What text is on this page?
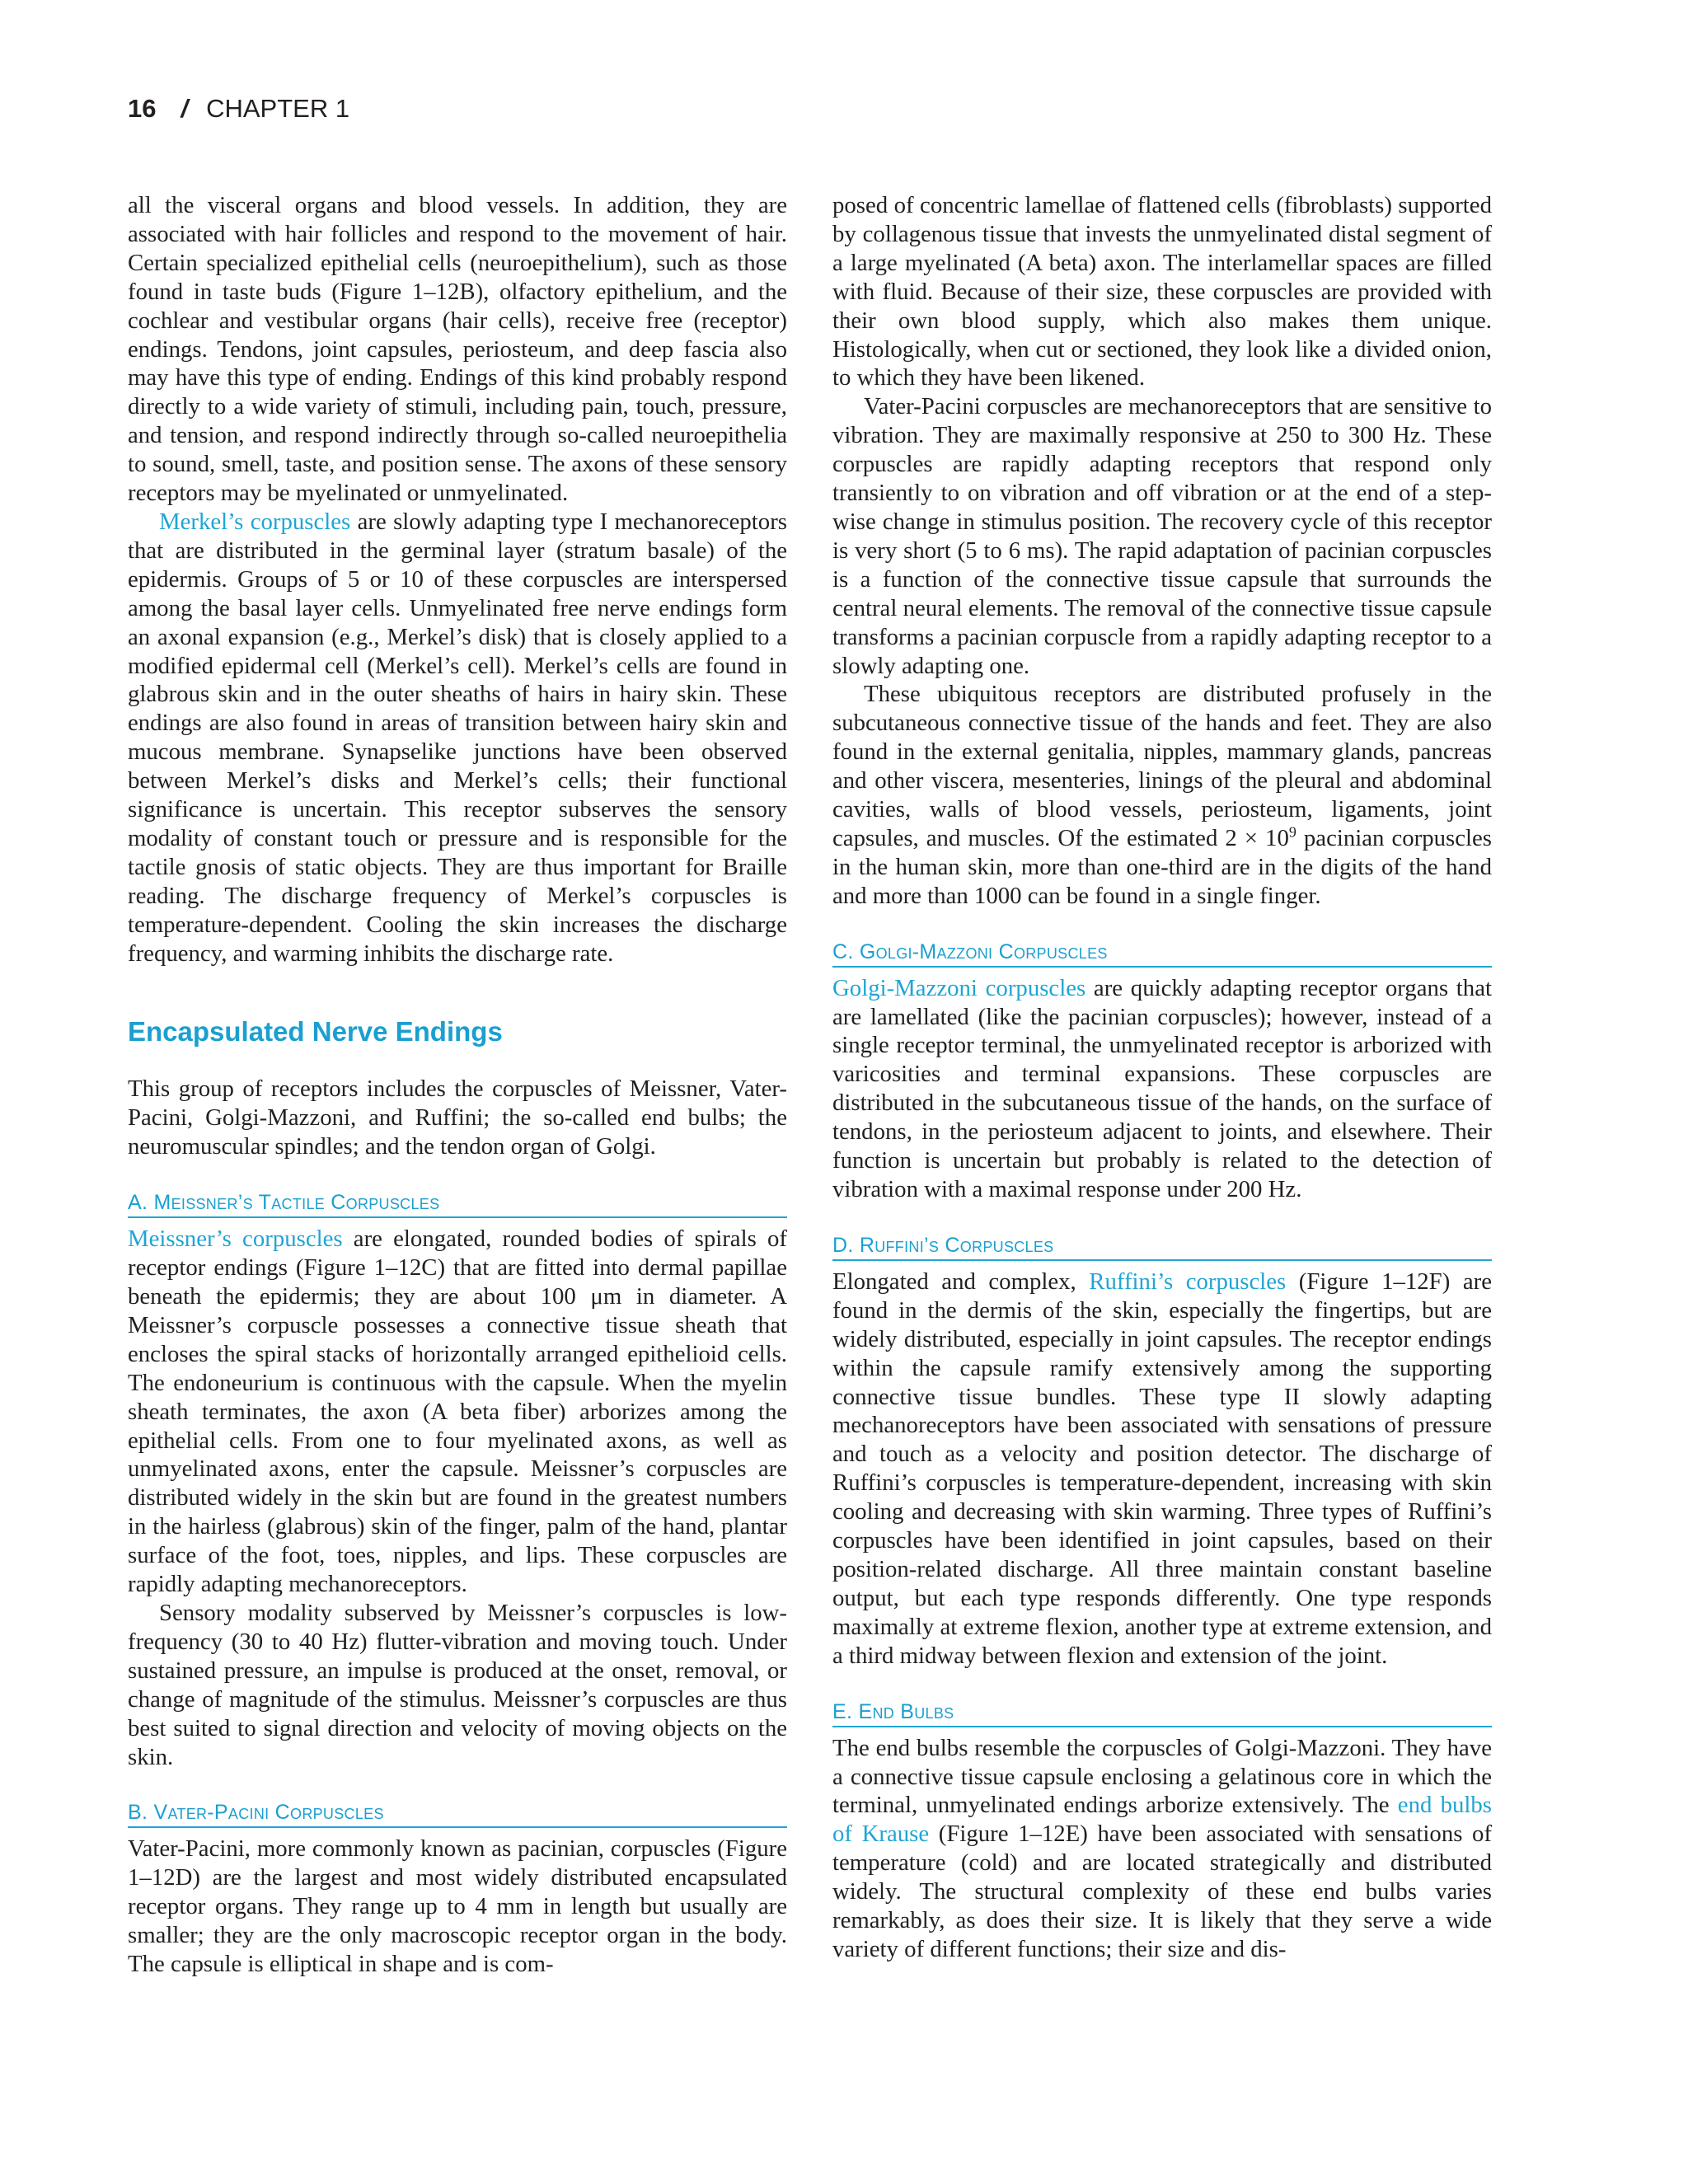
16 / CHAPTER 1

all the visceral organs and blood vessels. In addition, they are associated with hair follicles and respond to the movement of hair. Certain specialized epithelial cells (neuroepithelium), such as those found in taste buds (Figure 1–12B), olfactory epithelium, and the cochlear and vestibular organs (hair cells), receive free (receptor) endings. Tendons, joint capsules, periosteum, and deep fascia also may have this type of ending. Endings of this kind probably respond directly to a wide variety of stimuli, including pain, touch, pressure, and tension, and respond indirectly through so-called neuroepithelia to sound, smell, taste, and position sense. The axons of these sensory receptors may be myelinated or unmyelinated.

Merkel’s corpuscles are slowly adapting type I mechanoreceptors that are distributed in the germinal layer (stratum basale) of the epidermis. Groups of 5 or 10 of these corpuscles are interspersed among the basal layer cells. Unmyelinated free nerve endings form an axonal expansion (e.g., Merkel’s disk) that is closely applied to a modified epidermal cell (Merkel’s cell). Merkel’s cells are found in glabrous skin and in the outer sheaths of hairs in hairy skin. These endings are also found in areas of transition between hairy skin and mucous membrane. Synapselike junctions have been observed between Merkel’s disks and Merkel’s cells; their functional significance is uncertain. This receptor subserves the sensory modality of constant touch or pressure and is responsible for the tactile gnosis of static objects. They are thus important for Braille reading. The discharge frequency of Merkel’s corpuscles is temperature-dependent. Cooling the skin increases the discharge frequency, and warming inhibits the discharge rate.

Encapsulated Nerve Endings

This group of receptors includes the corpuscles of Meissner, Vater-Pacini, Golgi-Mazzoni, and Ruffini; the so-called end bulbs; the neuromuscular spindles; and the tendon organ of Golgi.

A. Meissner’s Tactile Corpuscles

Meissner’s corpuscles are elongated, rounded bodies of spirals of receptor endings (Figure 1–12C) that are fitted into dermal papillae beneath the epidermis; they are about 100 μm in diameter. A Meissner’s corpuscle possesses a connective tissue sheath that encloses the spiral stacks of horizontally arranged epithelioid cells. The endoneurium is continuous with the capsule. When the myelin sheath terminates, the axon (A beta fiber) arborizes among the epithelial cells. From one to four myelinated axons, as well as unmyelinated axons, enter the capsule. Meissner’s corpuscles are distributed widely in the skin but are found in the greatest numbers in the hairless (glabrous) skin of the finger, palm of the hand, plantar surface of the foot, toes, nipples, and lips. These corpuscles are rapidly adapting mechanoreceptors.

Sensory modality subserved by Meissner’s corpuscles is low-frequency (30 to 40 Hz) flutter-vibration and moving touch. Under sustained pressure, an impulse is produced at the onset, removal, or change of magnitude of the stimulus. Meissner’s corpuscles are thus best suited to signal direction and velocity of moving objects on the skin.

B. Vater-Pacini Corpuscles

Vater-Pacini, more commonly known as pacinian, corpuscles (Figure 1–12D) are the largest and most widely distributed encapsulated receptor organs. They range up to 4 mm in length but usually are smaller; they are the only macroscopic receptor organ in the body. The capsule is elliptical in shape and is com-

posed of concentric lamellae of flattened cells (fibroblasts) supported by collagenous tissue that invests the unmyelinated distal segment of a large myelinated (A beta) axon. The interlamellar spaces are filled with fluid. Because of their size, these corpuscles are provided with their own blood supply, which also makes them unique. Histologically, when cut or sectioned, they look like a divided onion, to which they have been likened.

Vater-Pacini corpuscles are mechanoreceptors that are sensitive to vibration. They are maximally responsive at 250 to 300 Hz. These corpuscles are rapidly adapting receptors that respond only transiently to on vibration and off vibration or at the end of a step-wise change in stimulus position. The recovery cycle of this receptor is very short (5 to 6 ms). The rapid adaptation of pacinian corpuscles is a function of the connective tissue capsule that surrounds the central neural elements. The removal of the connective tissue capsule transforms a pacinian corpuscle from a rapidly adapting receptor to a slowly adapting one.

These ubiquitous receptors are distributed profusely in the subcutaneous connective tissue of the hands and feet. They are also found in the external genitalia, nipples, mammary glands, pancreas and other viscera, mesenteries, linings of the pleural and abdominal cavities, walls of blood vessels, periosteum, ligaments, joint capsules, and muscles. Of the estimated $2 \times 10^9$ pacinian corpuscles in the human skin, more than one-third are in the digits of the hand and more than 1000 can be found in a single finger.

C. Golgi-Mazzoni Corpuscles

Golgi-Mazzoni corpuscles are quickly adapting receptor organs that are lamellated (like the pacinian corpuscles); however, instead of a single receptor terminal, the unmyelinated receptor is arborized with varicosities and terminal expansions. These corpuscles are distributed in the subcutaneous tissue of the hands, on the surface of tendons, in the periosteum adjacent to joints, and elsewhere. Their function is uncertain but probably is related to the detection of vibration with a maximal response under 200 Hz.

D. Ruffini’s Corpuscles

Elongated and complex, Ruffini’s corpuscles (Figure 1–12F) are found in the dermis of the skin, especially the fingertips, but are widely distributed, especially in joint capsules. The receptor endings within the capsule ramify extensively among the supporting connective tissue bundles. These type II slowly adapting mechanoreceptors have been associated with sensations of pressure and touch as a velocity and position detector. The discharge of Ruffini’s corpuscles is temperature-dependent, increasing with skin cooling and decreasing with skin warming. Three types of Ruffini’s corpuscles have been identified in joint capsules, based on their position-related discharge. All three maintain constant baseline output, but each type responds differently. One type responds maximally at extreme flexion, another type at extreme extension, and a third midway between flexion and extension of the joint.

E. End Bulbs

The end bulbs resemble the corpuscles of Golgi-Mazzoni. They have a connective tissue capsule enclosing a gelatinous core in which the terminal, unmyelinated endings arborize extensively. The end bulbs of Krause (Figure 1–12E) have been associated with sensations of temperature (cold) and are located strategically and distributed widely. The structural complexity of these end bulbs varies remarkably, as does their size. It is likely that they serve a wide variety of different functions; their size and dis-
